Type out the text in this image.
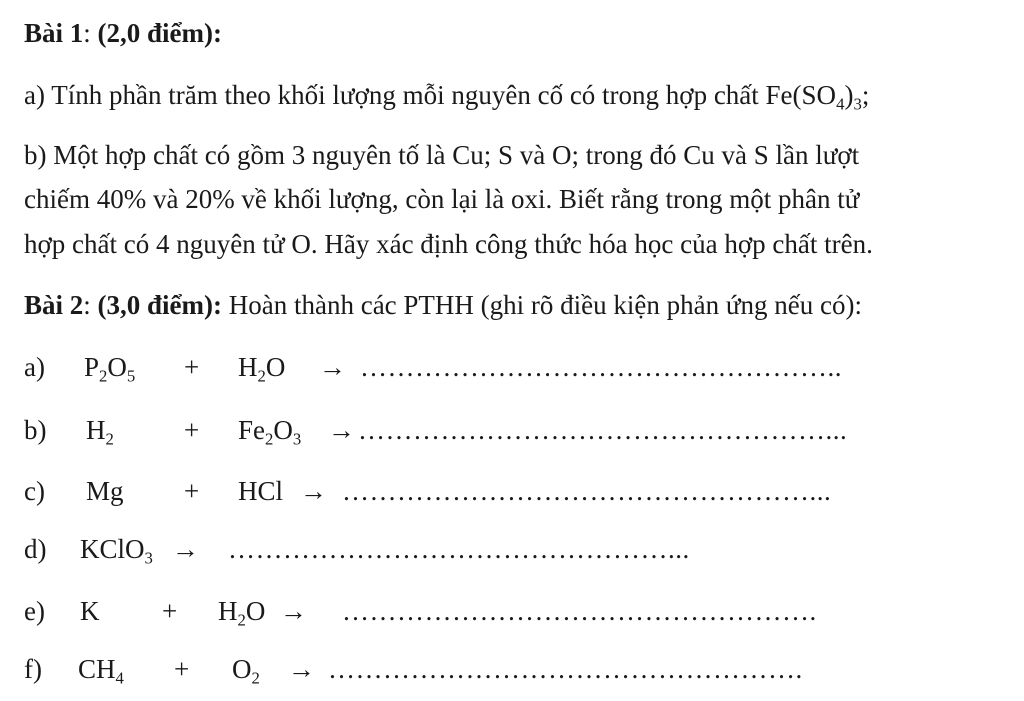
Bài 1: (2,0 điểm):
a) Tính phần trăm theo khối lượng mỗi nguyên cố có trong hợp chất $Fe(SO_4)_3$;
b) Một hợp chất có gồm 3 nguyên tố là Cu; S và O; trong đó Cu và S lần lượt
chiếm 40% và 20% về khối lượng, còn lại là oxi. Biết rằng trong một phân tử
hợp chất có 4 nguyên tử O. Hãy xác định công thức hóa học của hợp chất trên.
Bài 2: (3,0 điểm): Hoàn thành các PTHH (ghi rõ điều kiện phản ứng nếu có):
a) $P_2O_5 + H_2O$ → ……………………………………………..
b) $H_2$	+ $Fe_2O_3$ → ……………………………………………...
c) Mg + HCl → ……………………………………………...
d) KClO$_3$ → …………………………………………...
e) $K + H_2O$ → …………………………………………….
f) $CH_4 + O_2$ → …………………………………………….
